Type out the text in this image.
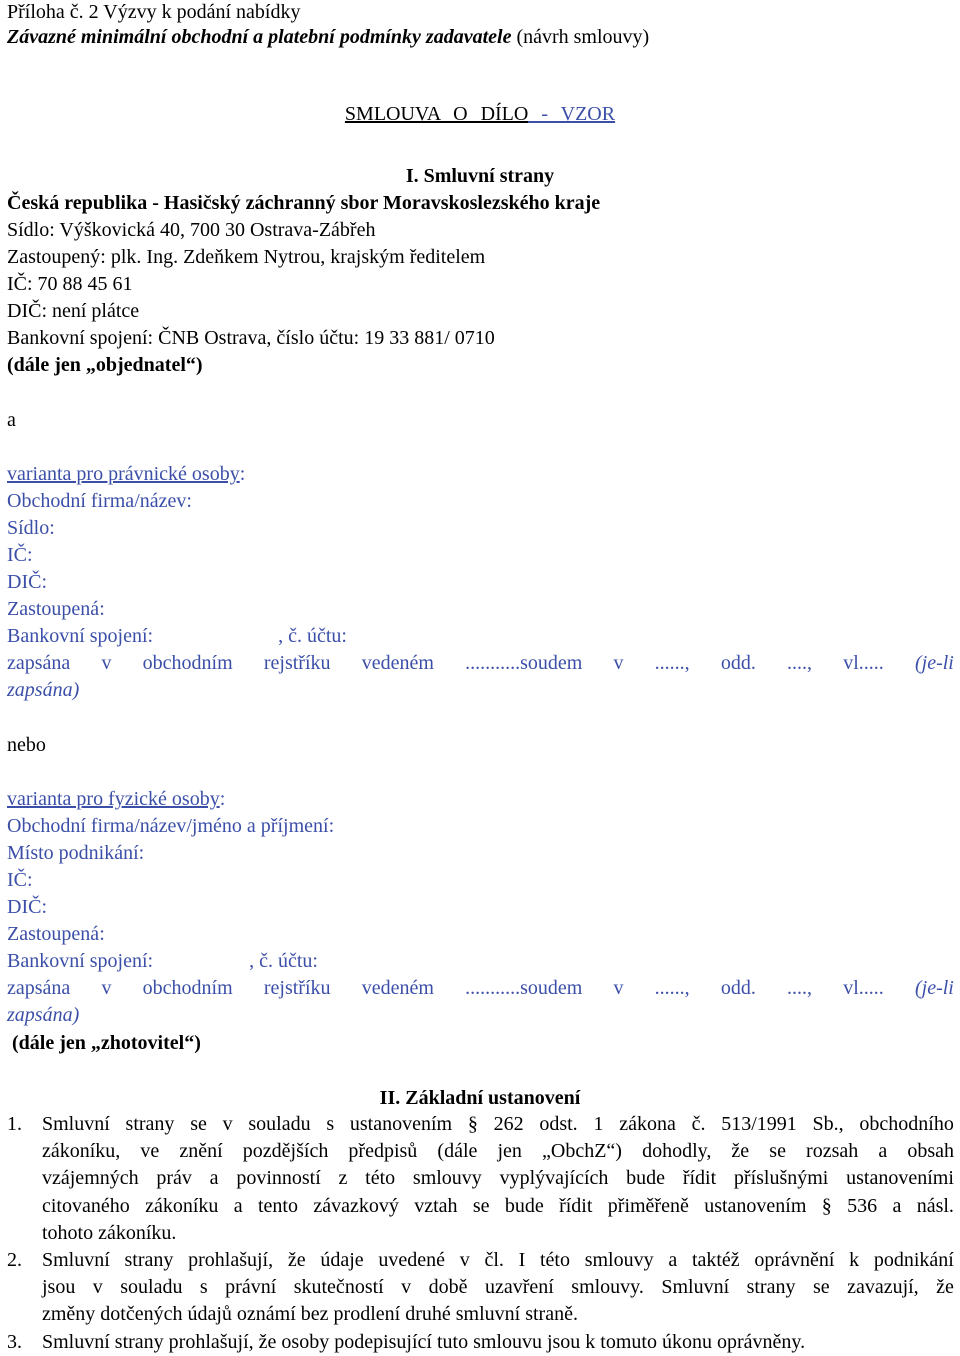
Příloha č. 2 Výzvy k podání nabídky
Závazné minimální obchodní a platební podmínky zadavatele (návrh smlouvy)
SMLOUVA O DÍLO - VZOR
I. Smluvní strany
Česká republika - Hasičský záchranný sbor Moravskoslezského kraje
Sídlo: Výškovická 40, 700 30 Ostrava-Zábřeh
Zastoupený: plk. Ing. Zdeňkem Nytrou, krajským ředitelem
IČ: 70 88 45 61
DIČ: není plátce
Bankovní spojení: ČNB Ostrava, číslo účtu: 19 33 881/ 0710
(dále jen „objednatel“)
a
varianta pro právnické osoby:
Obchodní firma/název:
Sídlo:
IČ:
DIČ:
Zastoupená:
Bankovní spojení:	, č. účtu:
zapsána v obchodním rejstříku vedeném ...........soudem v ......, odd. ...., vl..... (je-li
zapsána)
nebo
varianta pro fyzické osoby:
Obchodní firma/název/jméno a příjmení:
Místo podnikání:
IČ:
DIČ:
Zastoupená:
Bankovní spojení:	, č. účtu:
zapsána v obchodním rejstříku vedeném ...........soudem v ......, odd. ...., vl..... (je-li
zapsána)
(dále jen „zhotovitel“)
II. Základní ustanovení
1. Smluvní strany se v souladu s ustanovením § 262 odst. 1 zákona č. 513/1991 Sb., obchodního
zákoníku, ve znění pozdějších předpisů (dále jen „ObchZ“) dohodly, že se rozsah a obsah
vzájemných práv a povinností z této smlouvy vyplývajících bude řídit příslušnými ustanoveními
citovaného zákoníku a tento závazkový vztah se bude řídit přiměřeně ustanovením § 536 a násl.
tohoto zákoníku.
2. Smluvní strany prohlašují, že údaje uvedené v čl. I této smlouvy a taktéž oprávnění k podnikání
jsou v souladu s právní skutečností v době uzavření smlouvy. Smluvní strany se zavazují, že
změny dotčených údajů oznámí bez prodlení druhé smluvní straně.
3. Smluvní strany prohlašují, že osoby podepisující tuto smlouvu jsou k tomuto úkonu oprávněny.
